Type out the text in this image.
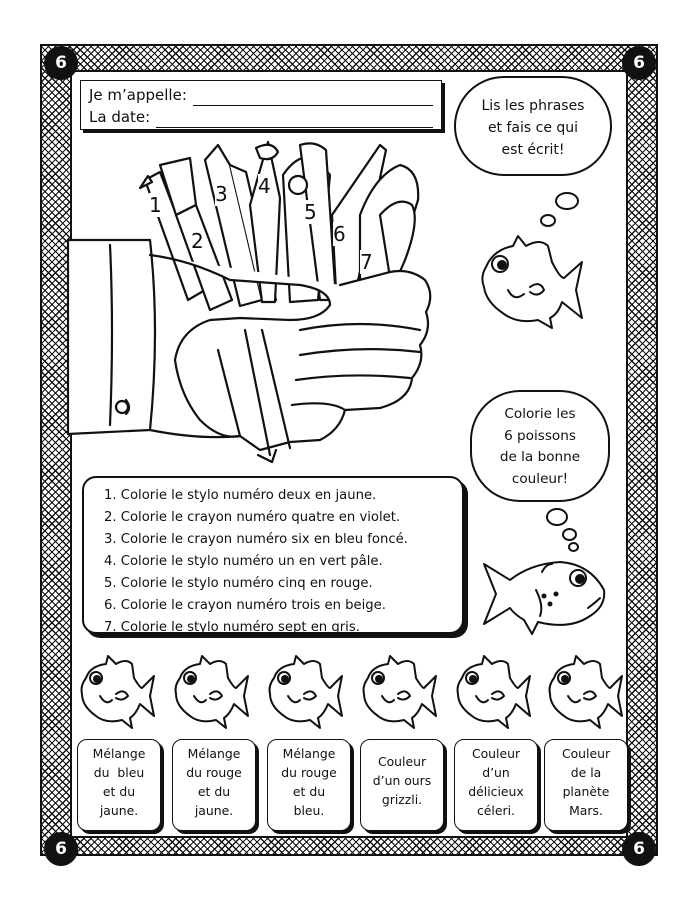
6	6
6	6
Je m’appelle:
La date:
1
2
3 4
5
6
7
Lis les phrases
et fais ce qui
est écrit!
Colorie les
6 poissons
de la bonne
couleur!
1. Colorie le stylo numéro deux en jaune.
2. Colorie le crayon numéro quatre en violet.
3. Colorie le crayon numéro six en bleu foncé.
4. Colorie le stylo numéro un en vert pâle.
5. Colorie le stylo numéro cinq en rouge.
6. Colorie le crayon numéro trois en beige.
7. Colorie le stylo numéro sept en gris.
Mélange
du  bleu
et du
jaune.
Mélange
du rouge
et du
jaune.
Mélange
du rouge
et du
bleu.
Couleur
d’un ours
grizzli.
Couleur
d’un
délicieux
céleri.
Couleur
de la
planète
Mars.
